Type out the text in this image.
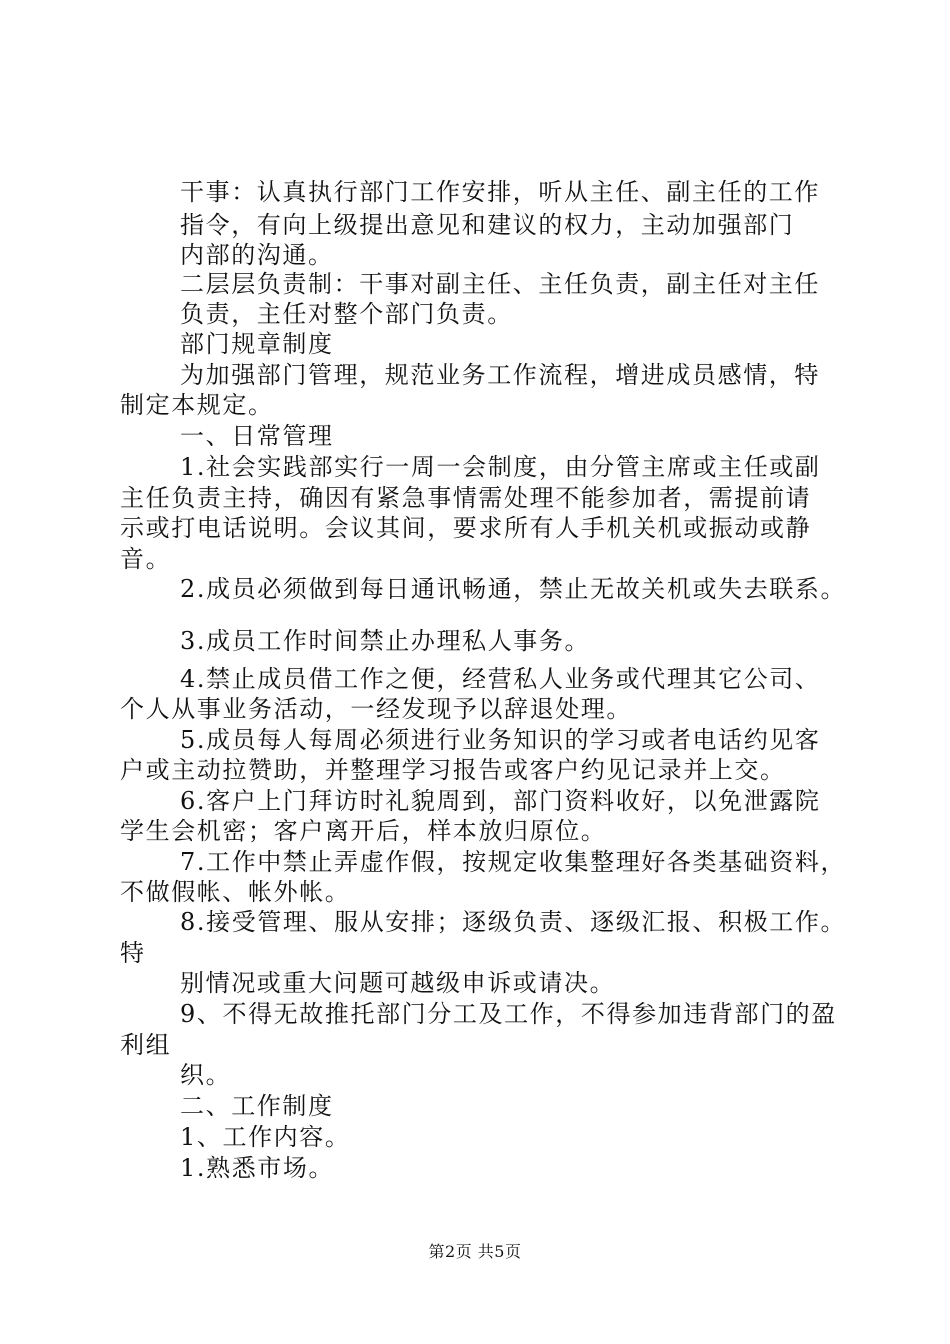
干事：认真执行部门工作安排，听从主任、副主任的工作
指令，有向上级提出意见和建议的权力，主动加强部门
内部的沟通。
二层层负责制：干事对副主任、主任负责，副主任对主任
负责，主任对整个部门负责。
部门规章制度
为加强部门管理，规范业务工作流程，增进成员感情，特
制定本规定。
一、日常管理
1.社会实践部实行一周一会制度，由分管主席或主任或副
主任负责主持，确因有紧急事情需处理不能参加者，需提前请
示或打电话说明。会议其间，要求所有人手机关机或振动或静
音。
2.成员必须做到每日通讯畅通，禁止无故关机或失去联系。
3.成员工作时间禁止办理私人事务。
4.禁止成员借工作之便，经营私人业务或代理其它公司、
个人从事业务活动，一经发现予以辞退处理。
5.成员每人每周必须进行业务知识的学习或者电话约见客
户或主动拉赞助，并整理学习报告或客户约见记录并上交。
6.客户上门拜访时礼貌周到，部门资料收好，以免泄露院
学生会机密；客户离开后，样本放归原位。
7.工作中禁止弄虚作假，按规定收集整理好各类基础资料，
不做假帐、帐外帐。
8.接受管理、服从安排；逐级负责、逐级汇报、积极工作。
特
别情况或重大问题可越级申诉或请决。
9、不得无故推托部门分工及工作，不得参加违背部门的盈
利组
织。
二、工作制度
1、工作内容。
1.熟悉市场。
第2页 共5页
